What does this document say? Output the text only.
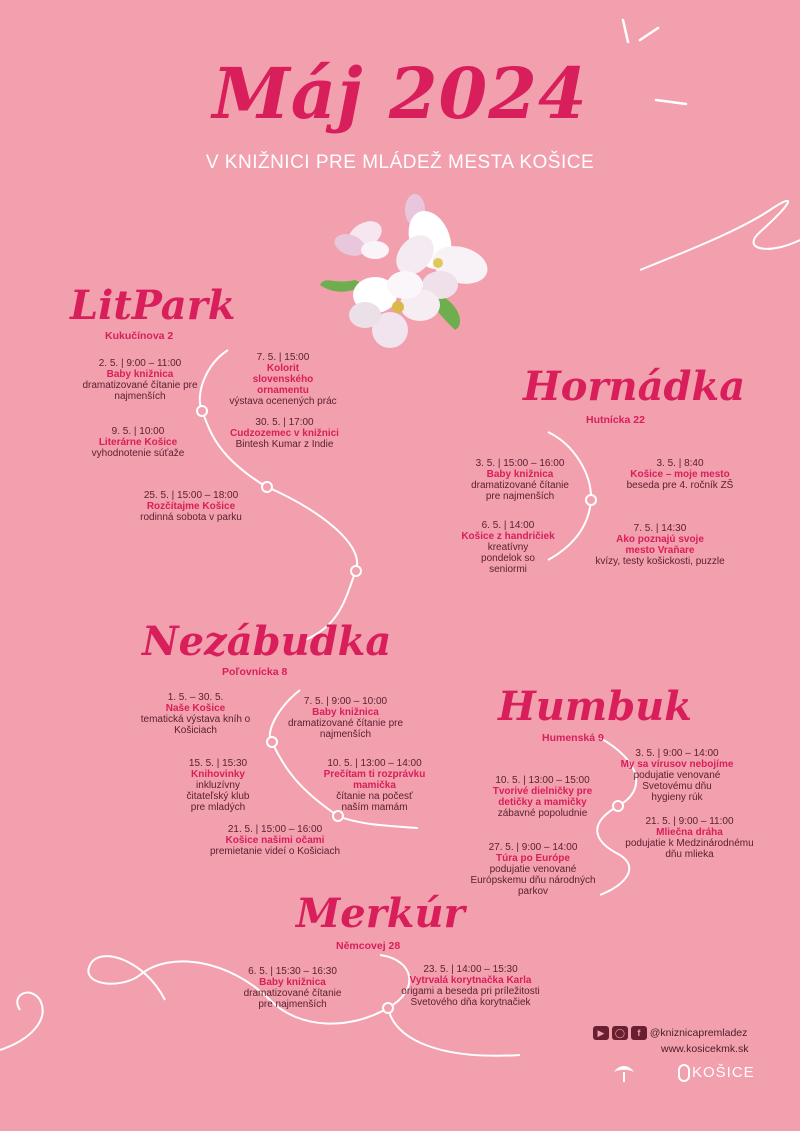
Máj 2024

V KNIŽNICI PRE MLÁDEŽ MESTA KOŠICE

LitPark

Kukučínova 2

2. 5. | 9:00 – 11:00
Baby knižnica
dramatizované čítanie pre najmenších
7. 5. | 15:00
Kolorit slovenského ornamentu
výstava ocenených prác
9. 5. | 10:00
Literárne Košice
vyhodnotenie súťaže
30. 5. | 17:00
Cudzozemec v knižnici
Bintesh Kumar z Indie
25. 5. | 15:00 – 18:00
Rozčítajme Košice
rodinná sobota v parku
Hornádka

Hutnícka 22

3. 5. | 15:00 – 16:00
Baby knižnica
dramatizované čítanie pre najmenších
3. 5. | 8:40
Košice – moje mesto
beseda pre 4. ročník ZŠ
6. 5. | 14:00
Košice z handričiek
kreatívny pondelok so seniormi
7. 5. | 14:30
Ako poznajú svoje mesto Vraňare
kvízy, testy košickosti, puzzle
Nezábudka

Poľovnícka 8

1. 5. – 30. 5.
Naše Košice
tematická výstava kníh o Košiciach
7. 5. | 9:00 – 10:00
Baby knižnica
dramatizované čítanie pre najmenších
15. 5. | 15:30
Knihovinky
inkluzívny čitateľský klub pre mladých
10. 5. | 13:00 – 14:00
Prečítam ti rozprávku mamička
čítanie na počesť naším mamám
21. 5. | 15:00 – 16:00
Košice našimi očami
premietanie videí o Košiciach
Humbuk

Humenská 9

3. 5. | 9:00 – 14:00
My sa vírusov nebojíme
podujatie venované Svetovému dňu hygieny rúk
10. 5. | 13:00 – 15:00
Tvorivé dielničky pre detičky a mamičky
zábavné popoludnie
21. 5. | 9:00 – 11:00
Mliečna dráha
podujatie k Medzinárodnému dňu mlieka
27. 5. | 9:00 – 14:00
Túra po Európe
podujatie venované Európskemu dňu národných parkov
Merkúr

Němcovej 28

6. 5. | 15:30 – 16:30
Baby knižnica
dramatizované čítanie pre najmenších
23. 5. | 14:00 – 15:30
Vytrvalá korytnačka Karla
origami a beseda pri príležitosti Svetového dňa korytnačiek
▶ ◯ f @kniznicapremladez
www.kosicekmk.sk
KOŠICE
